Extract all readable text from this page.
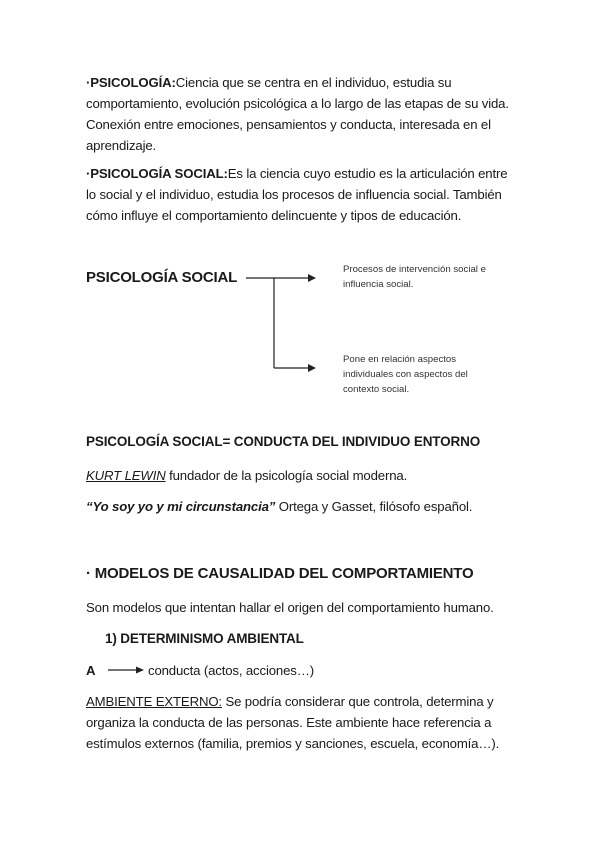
·PSICOLOGÍA:Ciencia que se centra en el individuo, estudia su comportamiento, evolución psicológica a lo largo de las etapas de su vida. Conexión entre emociones, pensamientos y conducta, interesada en el aprendizaje.
·PSICOLOGÍA SOCIAL:Es la ciencia cuyo estudio es la articulación entre lo social y el individuo, estudia los procesos de influencia social. También cómo influye el comportamiento delincuente y tipos de educación.
PSICOLOGÍA SOCIAL	Procesos de intervención social e influencia social.
Pone en relación aspectos individuales con aspectos del contexto social.
PSICOLOGÍA SOCIAL= CONDUCTA DEL INDIVIDUO ENTORNO
KURT LEWIN fundador de la psicología social moderna.
“Yo soy yo y mi circunstancia” Ortega y Gasset, filósofo español.
· MODELOS DE CAUSALIDAD DEL COMPORTAMIENTO
Son modelos que intentan hallar el origen del comportamiento humano.
1) DETERMINISMO AMBIENTAL
A	conducta (actos, acciones…)
AMBIENTE EXTERNO: Se podría considerar que controla, determina y organiza la conducta de las personas. Este ambiente hace referencia a estímulos externos (familia, premios y sanciones, escuela, economía…).
